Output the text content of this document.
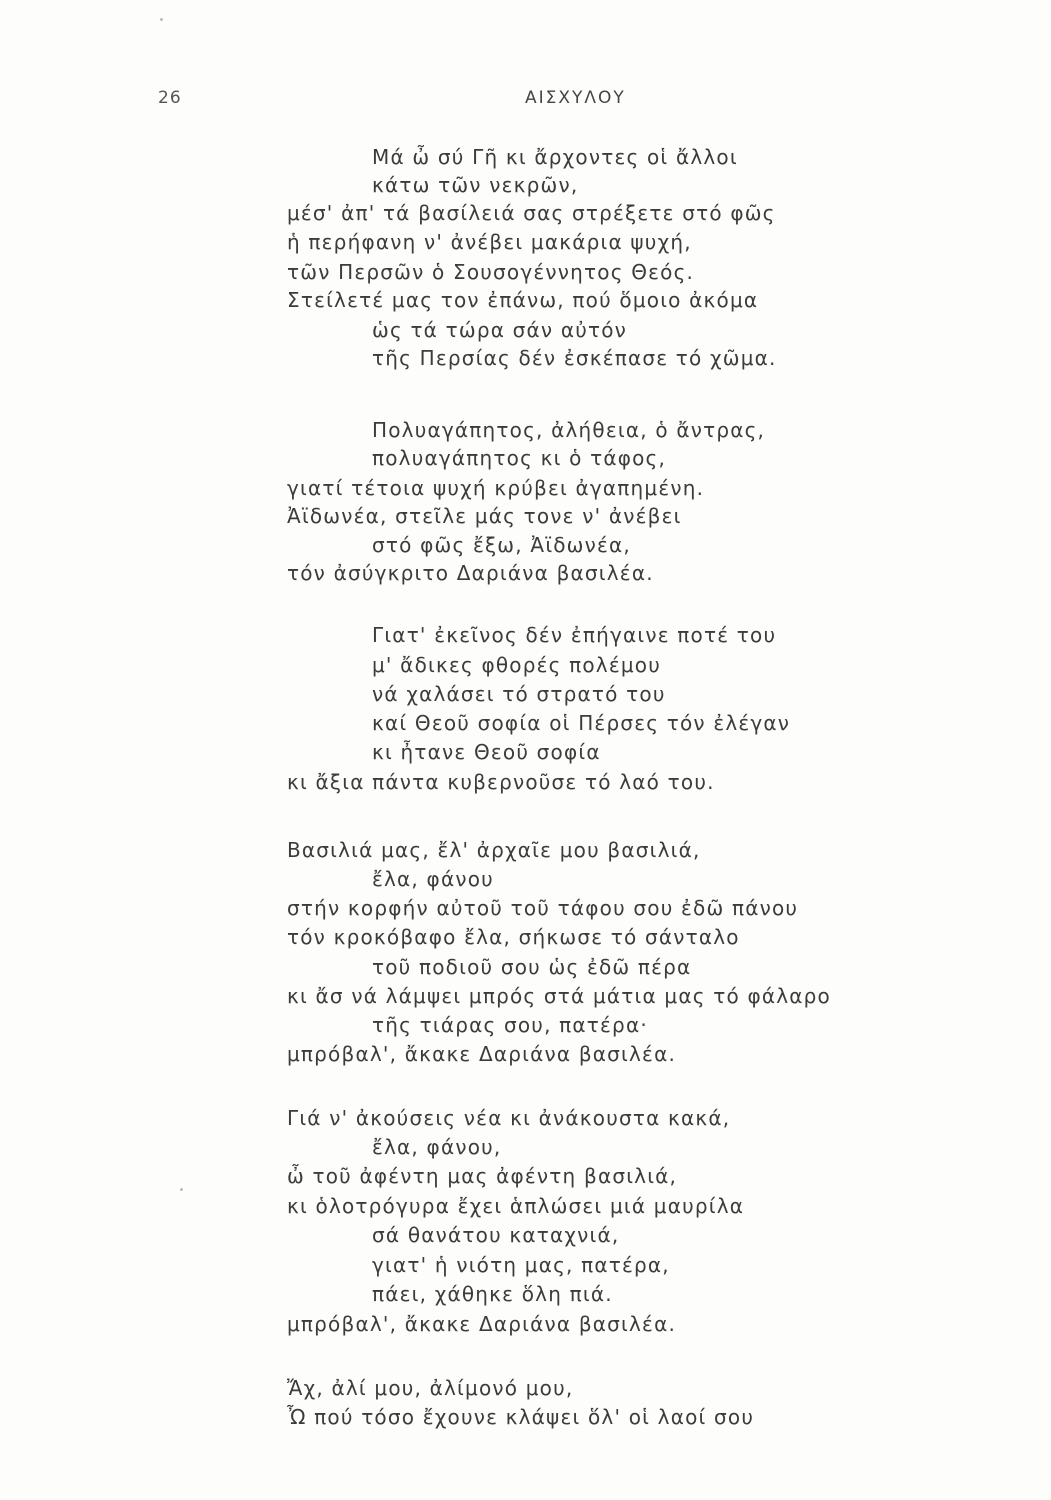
26	ΑΙΣΧΥΛΟΥ
Μά ὦ σύ Γῆ κι ἄρχοντες οἱ ἄλλοι
κάτω τῶν νεκρῶν,
μέσ' ἀπ' τά βασίλειά σας στρέξετε στό φῶς
ἡ περήφανη ν' ἀνέβει μακάρια ψυχή,
τῶν Περσῶν ὁ Σουσογέννητος Θεός.
Στείλετέ μας τον ἐπάνω, πού ὅμοιο ἀκόμα
ὡς τά τώρα σάν αὐτόν
τῆς Περσίας δέν ἐσκέπασε τό χῶμα.
Πολυαγάπητος, ἀλήθεια, ὁ ἄντρας,
πολυαγάπητος κι ὁ τάφος,
γιατί τέτοια ψυχή κρύβει ἀγαπημένη.
Ἀϊδωνέα, στεῖλε μάς τονε ν' ἀνέβει
στό φῶς ἔξω, Ἀϊδωνέα,
τόν ἀσύγκριτο Δαριάνα βασιλέα.
Γιατ' ἐκεῖνος δέν ἐπήγαινε ποτέ του
μ' ἄδικες φθορές πολέμου
νά χαλάσει τό στρατό του
καί Θεοῦ σοφία οἱ Πέρσες τόν ἐλέγαν
κι ἦτανε Θεοῦ σοφία
κι ἄξια πάντα κυβερνοῦσε τό λαό του.
Βασιλιά μας, ἔλ' ἀρχαῖε μου βασιλιά,
ἔλα, φάνου
στήν κορφήν αὐτοῦ τοῦ τάφου σου ἐδῶ πάνου
τόν κροκόβαφο ἔλα, σήκωσε τό σάνταλο
τοῦ ποδιοῦ σου ὡς ἐδῶ πέρα
κι ἄσ νά λάμψει μπρός στά μάτια μας τό φάλαρο
τῆς τιάρας σου, πατέρα·
μπρόβαλ', ἄκακε Δαριάνα βασιλέα.
Γιά ν' ἀκούσεις νέα κι ἀνάκουστα κακά,
ἔλα, φάνου,
ὦ τοῦ ἀφέντη μας ἀφέντη βασιλιά,
κι ὁλοτρόγυρα ἔχει ἁπλώσει μιά μαυρίλα
σά θανάτου καταχνιά,
γιατ' ἡ νιότη μας, πατέρα,
πάει, χάθηκε ὅλη πιά.
μπρόβαλ', ἄκακε Δαριάνα βασιλέα.
Ἄχ, ἀλί μου, ἀλίμονό μου,
Ὦ πού τόσο ἔχουνε κλάψει ὅλ' οἱ λαοί σου
